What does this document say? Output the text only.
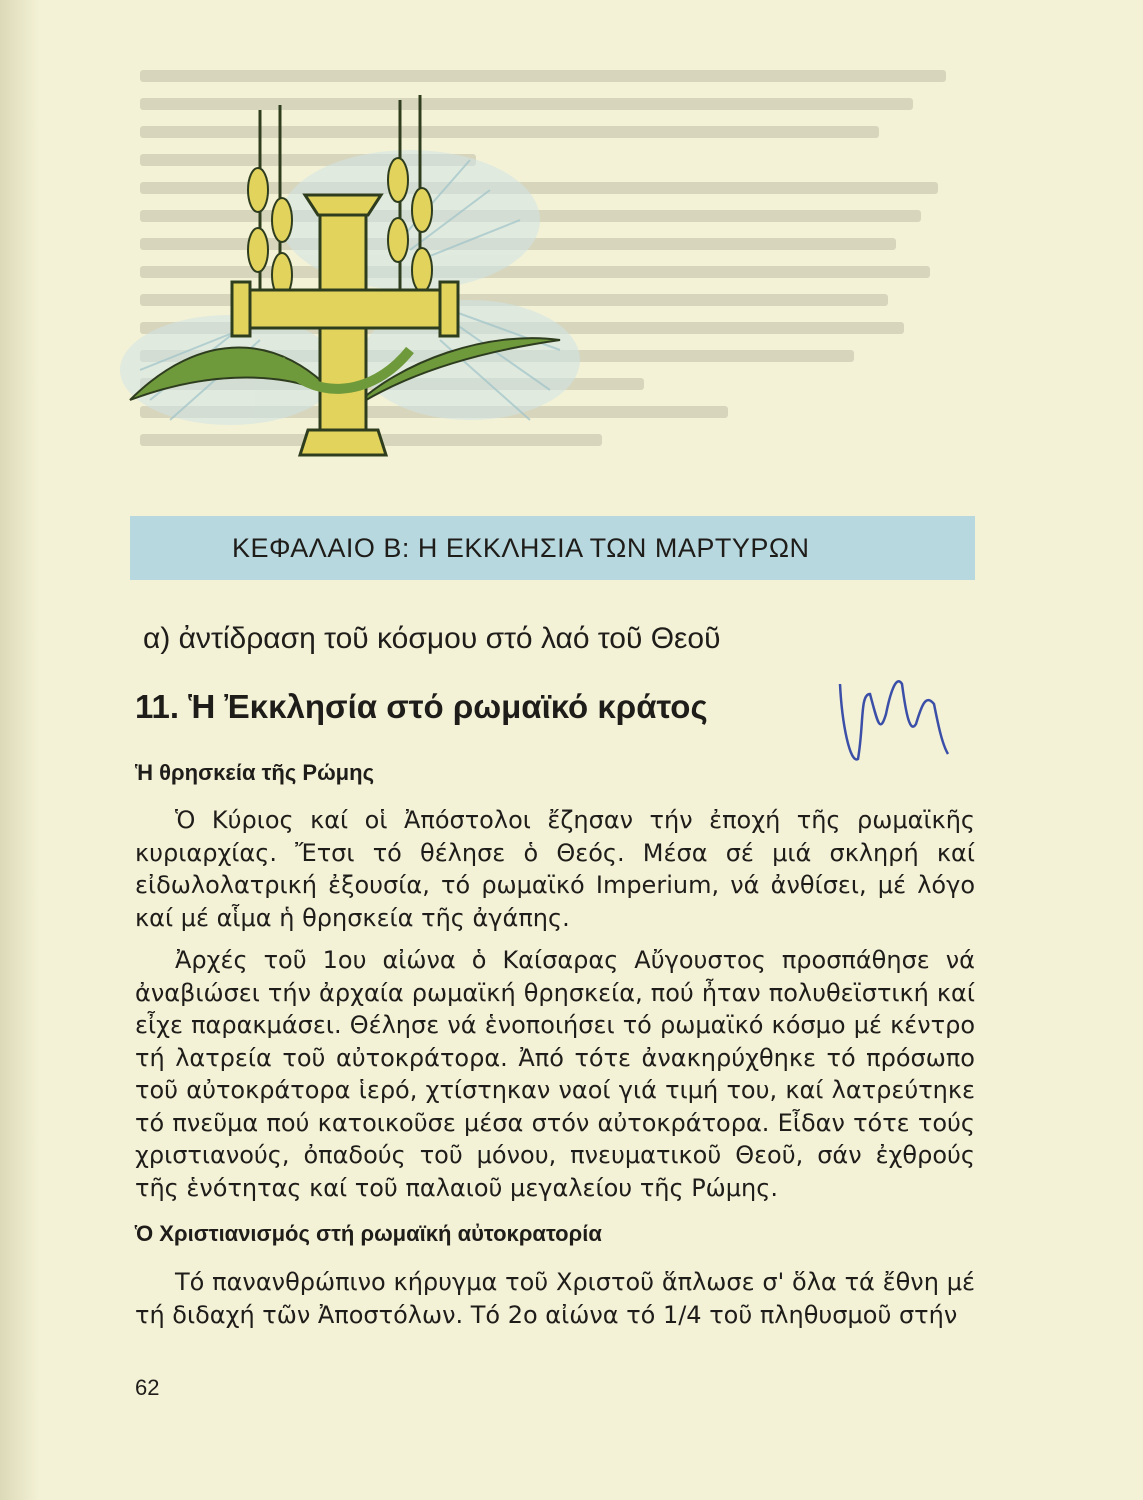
ΚΕΦΑΛΑΙΟ Β: Η ΕΚΚΛΗΣΙΑ ΤΩΝ ΜΑΡΤΥΡΩΝ
α) ἀντίδραση τοῦ κόσμου στό λαό τοῦ Θεοῦ
11. Ἡ Ἐκκλησία στό ρωμαϊκό κράτος
Ἡ θρησκεία τῆς Ρώμης

Ὁ Κύριος καί οἱ Ἀπόστολοι ἔζησαν τήν ἐποχή τῆς ρωμαϊκῆς κυριαρχίας. Ἔτσι τό θέλησε ὁ Θεός. Μέσα σέ μιά σκληρή καί εἰδωλολατρική ἐξουσία, τό ρωμαϊκό Imperium, νά ἀνθίσει, μέ λόγο καί μέ αἷμα ἡ θρησκεία τῆς ἀγάπης.

Ἀρχές τοῦ 1ου αἰώνα ὁ Καίσαρας Αὔγουστος προσπάθησε νά ἀναβιώσει τήν ἀρχαία ρωμαϊκή θρησκεία, πού ἦταν πολυθεϊστική καί εἶχε παρακμάσει. Θέλησε νά ἑνοποιήσει τό ρωμαϊκό κόσμο μέ κέντρο τή λατρεία τοῦ αὐτοκράτορα. Ἀπό τότε ἀνακηρύχθηκε τό πρόσωπο τοῦ αὐτοκράτορα ἱερό, χτίστηκαν ναοί γιά τιμή του, καί λατρεύτηκε τό πνεῦμα πού κατοικοῦσε μέσα στόν αὐτοκράτορα. Εἶδαν τότε τούς χριστιανούς, ὀπαδούς τοῦ μόνου, πνευματικοῦ Θεοῦ, σάν ἐχθρούς τῆς ἑνότητας καί τοῦ παλαιοῦ μεγαλείου τῆς Ρώμης.

Ὁ Χριστιανισμός στή ρωμαϊκή αὐτοκρατορία

Τό πανανθρώπινο κήρυγμα τοῦ Χριστοῦ ἅπλωσε σ' ὅλα τά ἔθνη μέ τή διδαχή τῶν Ἀποστόλων. Τό 2ο αἰώνα τό 1/4 τοῦ πληθυσμοῦ στήν

62
